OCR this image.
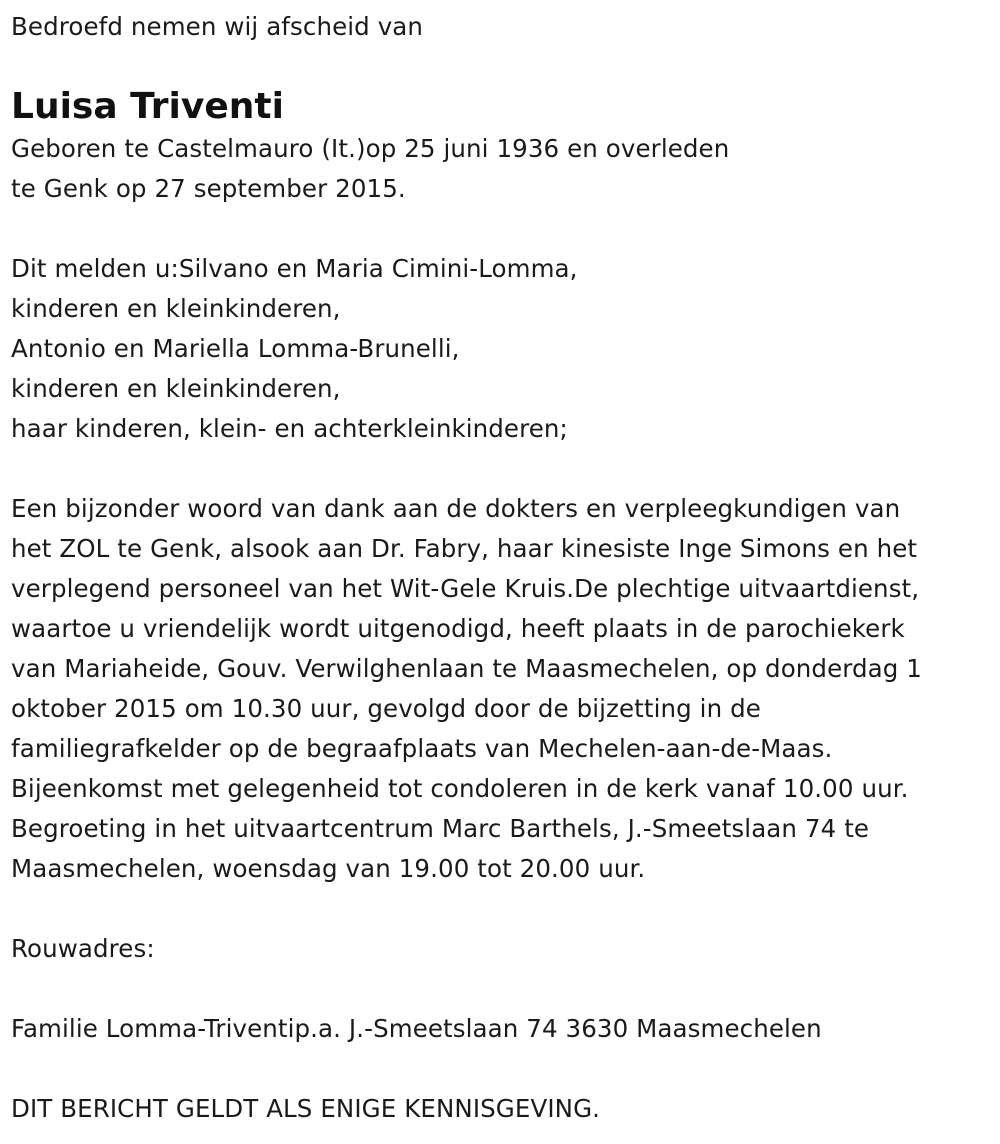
Bedroefd nemen wij afscheid van
Luisa Triventi
Geboren te Castelmauro (It.)op 25 juni 1936 en overleden
te Genk op 27 september 2015.
Dit melden u:Silvano en Maria Cimini-Lomma,
kinderen en kleinkinderen,
Antonio en Mariella Lomma-Brunelli,
kinderen en kleinkinderen,
haar kinderen, klein- en achterkleinkinderen;
Een bijzonder woord van dank aan de dokters en verpleegkundigen van
het ZOL te Genk, alsook aan Dr. Fabry, haar kinesiste Inge Simons en het
verplegend personeel van het Wit-Gele Kruis.De plechtige uitvaartdienst,
waartoe u vriendelijk wordt uitgenodigd, heeft plaats in de parochiekerk
van Mariaheide, Gouv. Verwilghenlaan te Maasmechelen, op donderdag 1
oktober 2015 om 10.30 uur, gevolgd door de bijzetting in de
familiegrafkelder op de begraafplaats van Mechelen-aan-de-Maas.
Bijeenkomst met gelegenheid tot condoleren in de kerk vanaf 10.00 uur.
Begroeting in het uitvaartcentrum Marc Barthels, J.-Smeetslaan 74 te
Maasmechelen, woensdag van 19.00 tot 20.00 uur.
Rouwadres:
Familie Lomma-Triventip.a. J.-Smeetslaan 74 3630 Maasmechelen
DIT BERICHT GELDT ALS ENIGE KENNISGEVING.
